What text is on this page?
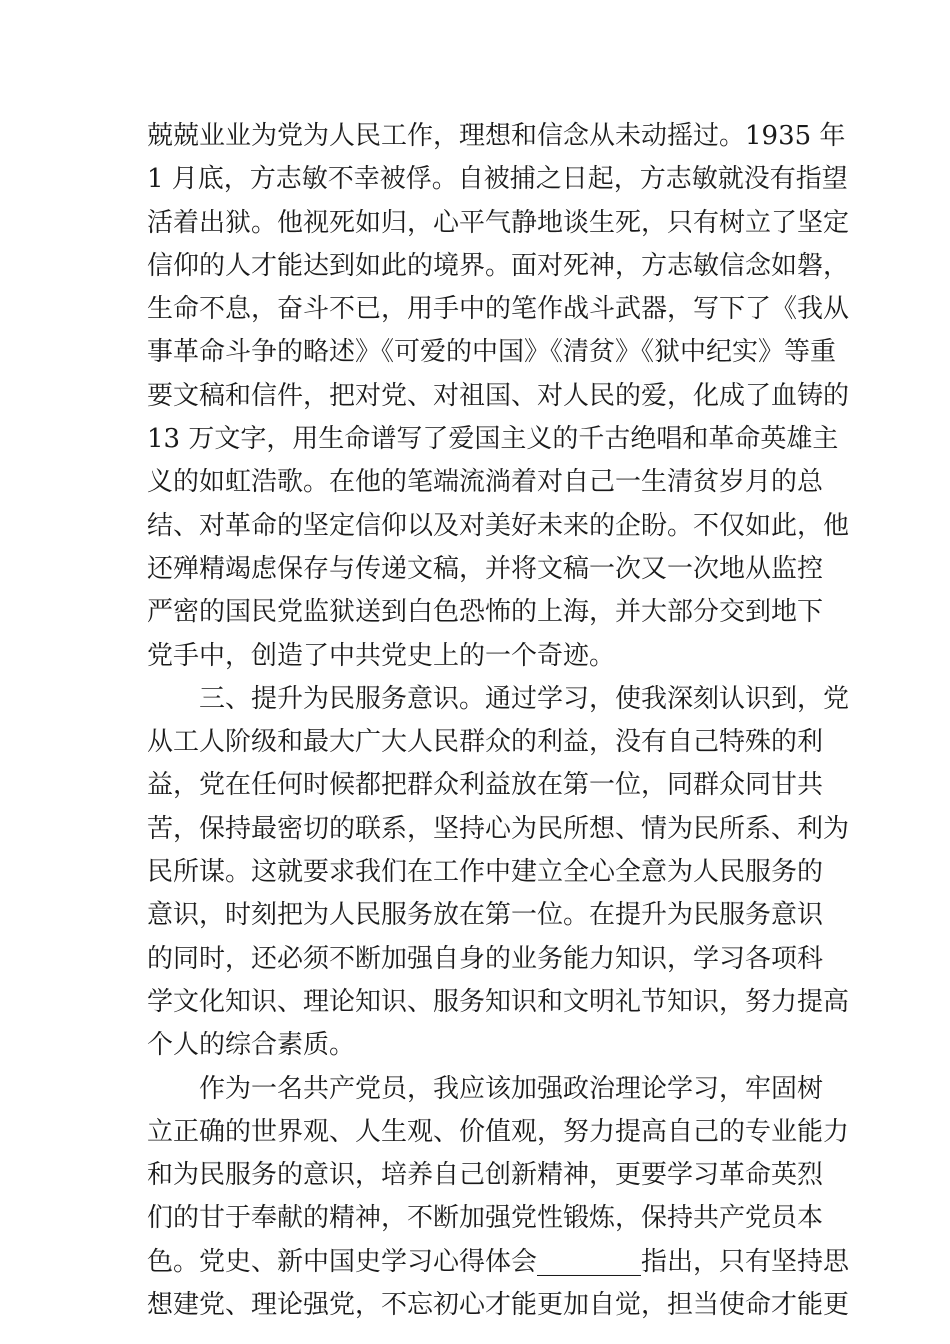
兢兢业业为党为人民工作，理想和信念从未动摇过。1935 年
1 月底，方志敏不幸被俘。自被捕之日起，方志敏就没有指望
活着出狱。他视死如归，心平气静地谈生死，只有树立了坚定
信仰的人才能达到如此的境界。面对死神，方志敏信念如磐，
生命不息，奋斗不已，用手中的笔作战斗武器，写下了《我从
事革命斗争的略述》《可爱的中国》《清贫》《狱中纪实》等重
要文稿和信件，把对党、对祖国、对人民的爱，化成了血铸的
13 万文字，用生命谱写了爱国主义的千古绝唱和革命英雄主
义的如虹浩歌。在他的笔端流淌着对自己一生清贫岁月的总
结、对革命的坚定信仰以及对美好未来的企盼。不仅如此，他
还殚精竭虑保存与传递文稿，并将文稿一次又一次地从监控
严密的国民党监狱送到白色恐怖的上海，并大部分交到地下
党手中，创造了中共党史上的一个奇迹。
三、提升为民服务意识。通过学习，使我深刻认识到，党
从工人阶级和最大广大人民群众的利益，没有自己特殊的利
益，党在任何时候都把群众利益放在第一位，同群众同甘共
苦，保持最密切的联系，坚持心为民所想、情为民所系、利为
民所谋。这就要求我们在工作中建立全心全意为人民服务的
意识，时刻把为人民服务放在第一位。在提升为民服务意识
的同时，还必须不断加强自身的业务能力知识，学习各项科
学文化知识、理论知识、服务知识和文明礼节知识，努力提高
个人的综合素质。
作为一名共产党员，我应该加强政治理论学习，牢固树
立正确的世界观、人生观、价值观，努力提高自己的专业能力
和为民服务的意识，培养自己创新精神，更要学习革命英烈
们的甘于奉献的精神，不断加强党性锻炼，保持共产党员本
色。党史、新中国史学习心得体会________指出，只有坚持思
想建党、理论强党，不忘初心才能更加自觉，担当使命才能更
